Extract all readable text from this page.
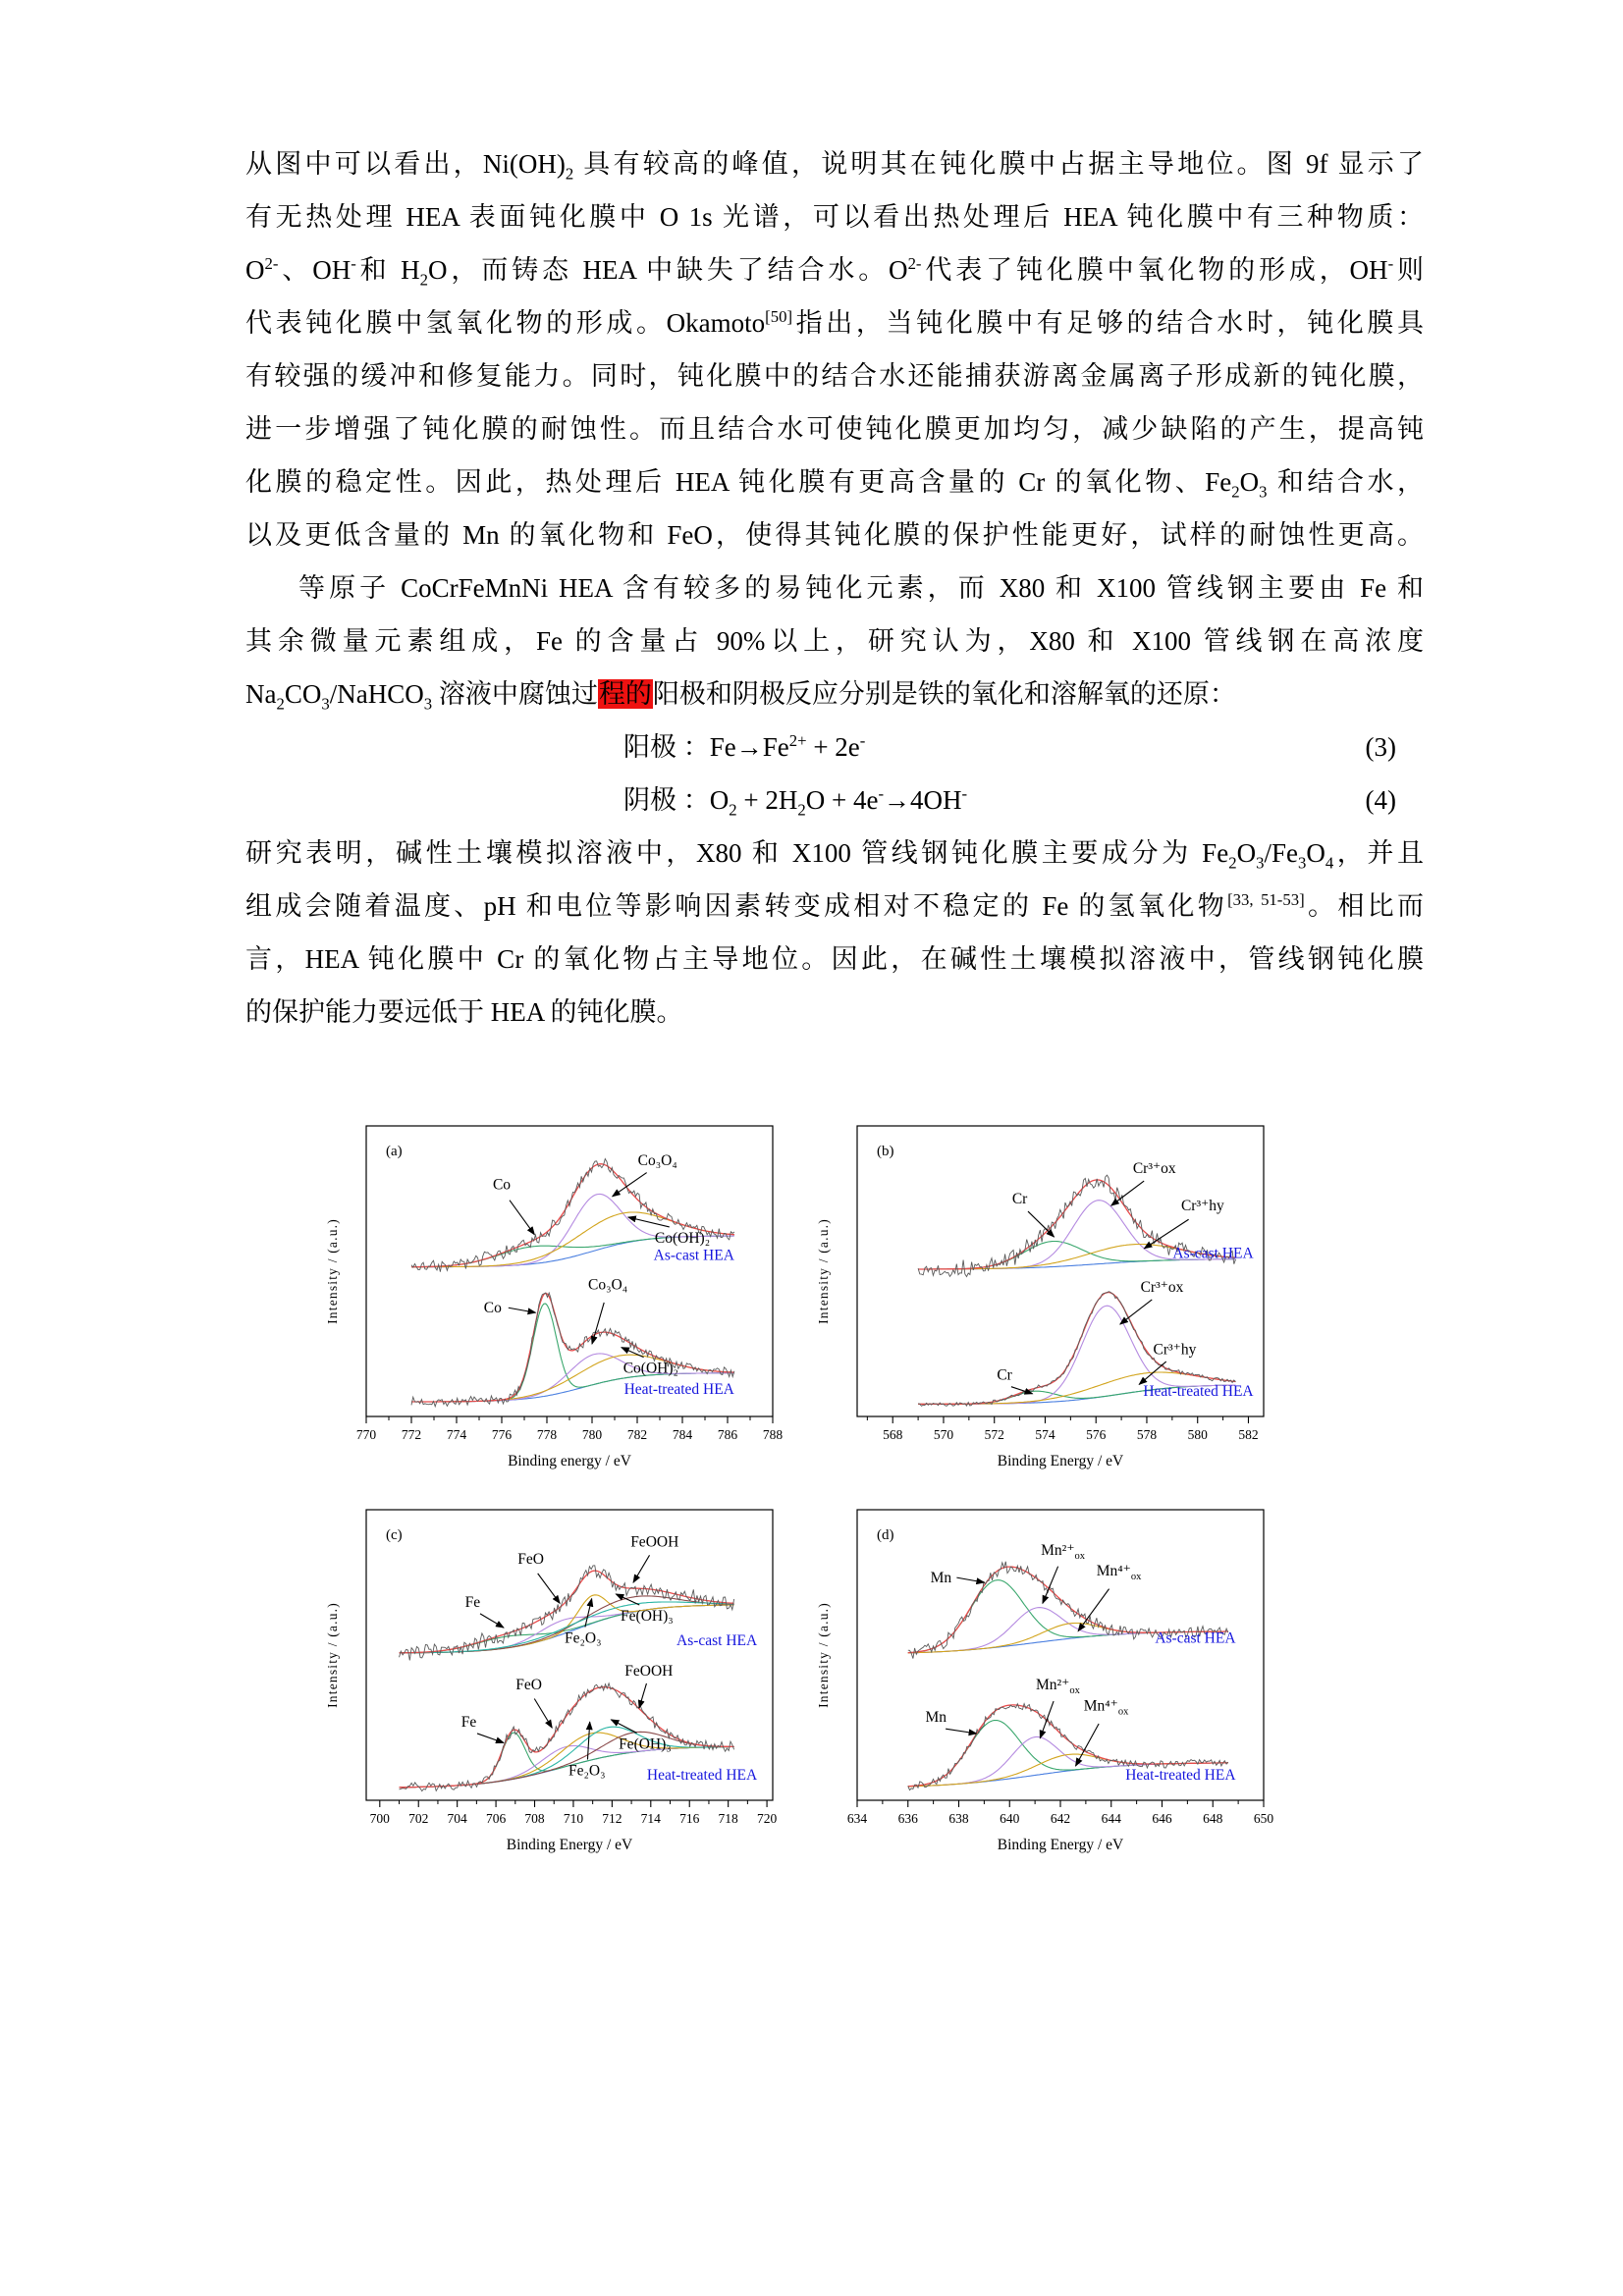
从图中可以看出，$Ni(OH)_2$ 具有较高的峰值，说明其在钝化膜中占据主导地位。图 9f 显示了
有无热处理 HEA 表面钝化膜中 O 1s 光谱，可以看出热处理后 HEA 钝化膜中有三种物质：
$O^{2-}$、OH-和 $H_2O$，而铸态 HEA 中缺失了结合水。$O^{2-}$代表了钝化膜中氧化物的形成，OH-则
代表钝化膜中氢氧化物的形成。Okamoto[50]指出，当钝化膜中有足够的结合水时，钝化膜具
有较强的缓冲和修复能力。同时，钝化膜中的结合水还能捕获游离金属离子形成新的钝化膜，
进一步增强了钝化膜的耐蚀性。而且结合水可使钝化膜更加均匀，减少缺陷的产生，提高钝
化膜的稳定性。因此，热处理后 HEA 钝化膜有更高含量的 Cr 的氧化物、$Fe_2O_3$ 和结合水，
以及更低含量的 Mn 的氧化物和 FeO，使得其钝化膜的保护性能更好，试样的耐蚀性更高。
等原子 CoCrFeMnNi HEA 含有较多的易钝化元素，而 X80 和 X100 管线钢主要由 Fe 和
其余微量元素组成，Fe 的含量占 90%以上，研究认为，X80 和 X100 管线钢在高浓度
$Na_2CO_3/NaHCO_3$ 溶液中腐蚀过程的阳极和阴极反应分别是铁的氧化和溶解氧的还原：
阳极 ：$Fe\to Fe^{2+} + 2e^-$	(3)
阴极 ：$O_2 + 2H_2O + 4e^-\to 4OH^-$	(4)
研究表明，碱性土壤模拟溶液中，X80 和 X100 管线钢钝化膜主要成分为 $Fe_2O_3/Fe_3O_4$，并且
组成会随着温度、pH 和电位等影响因素转变成相对不稳定的 Fe 的氢氧化物[33, 51-53]。相比而
言，HEA 钝化膜中 Cr 的氧化物占主导地位。因此，在碱性土壤模拟溶液中，管线钢钝化膜
的保护能力要远低于 HEA 的钝化膜。
770 772 774 776 778 780 782 784 786 788
Binding energy / eV
Intensity / (a.u.)
(a)
Co
Co₃O₄
Co(OH)₂
As-cast HEA
Co
Co₃O₄
Co(OH)₂
Heat-treated HEA
568 570 572 574 576 578 580 582
Binding Energy / eV
Intensity / (a.u.)
(b)
Cr
Cr³⁺ox
Cr³⁺hy
As-cast HEA
Cr³⁺ox
Cr³⁺hy
Cr
Heat-treated HEA
700 702 704 706 708 710 712 714 716 718 720
Binding Energy / eV
Intensity / (a.u.)
(c)
Fe
FeO
Fe₂O₃
FeOOH
Fe(OH)₃
As-cast HEA
Fe
FeO
Fe₂O₃
FeOOH
Fe(OH)₃
Heat-treated HEA
634 636 638 640 642 644 646 648 650
Binding Energy / eV
Intensity / (a.u.)
(d)
Mn
$Mn^{2+}_{ox}$
$Mn^{4+}_{ox}$
As-cast HEA
Mn
$Mn^{2+}_{ox}$
$Mn^{4+}_{ox}$
Heat-treated HEA
